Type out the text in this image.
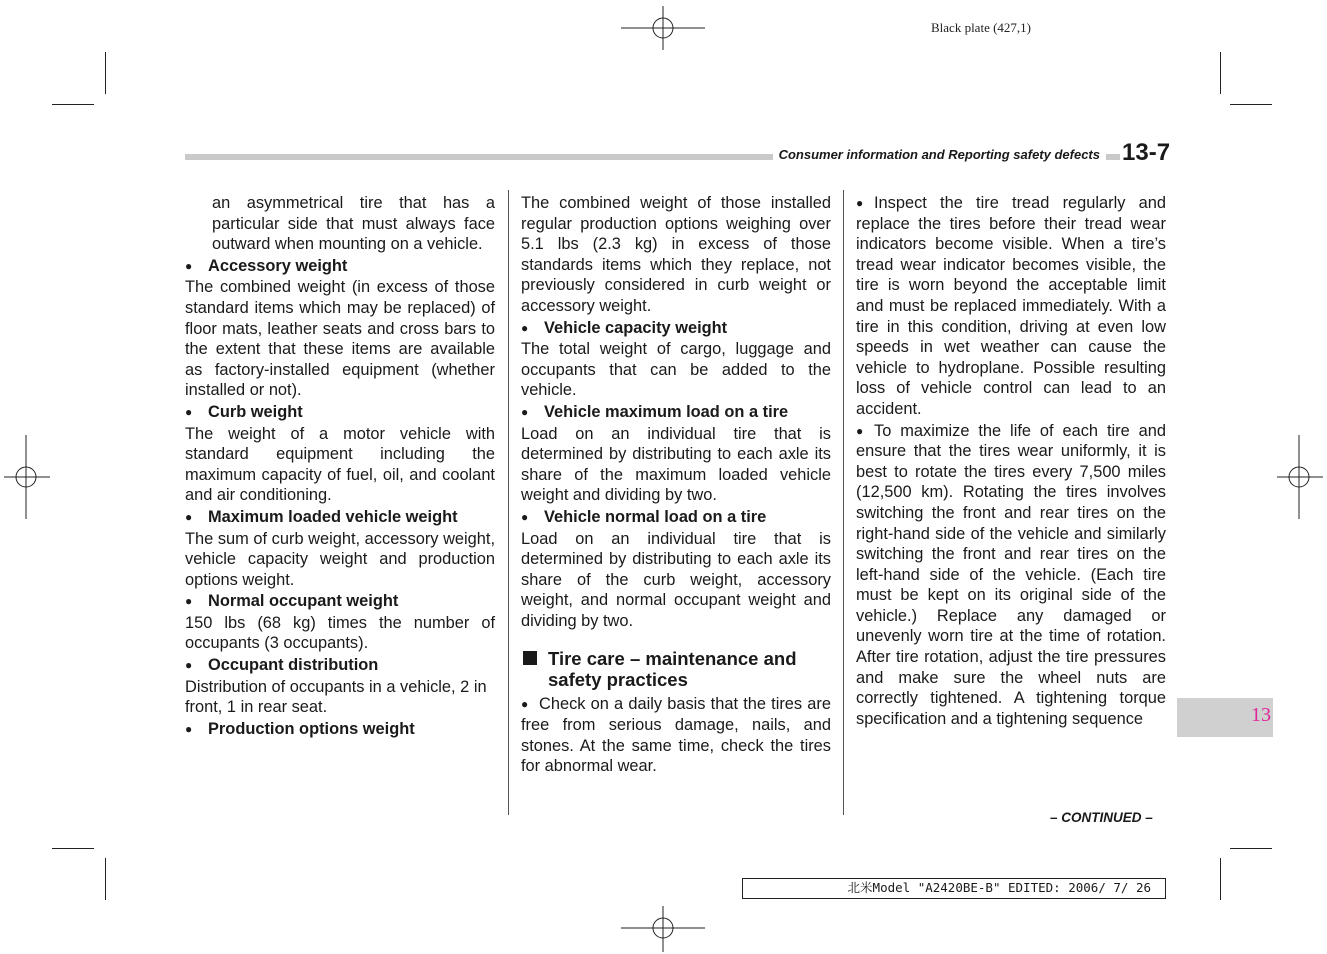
Black plate (427,1)
Consumer information and Reporting safety defects 13-7

an asymmetrical tire that has a particular side that must always face outward when mounting on a vehicle.

● Accessory weight

The combined weight (in excess of those standard items which may be replaced) of floor mats, leather seats and cross bars to the extent that these items are available as factory-installed equipment (whether installed or not).

● Curb weight

The weight of a motor vehicle with standard equipment including the maximum capacity of fuel, oil, and coolant and air conditioning.

● Maximum loaded vehicle weight

The sum of curb weight, accessory weight, vehicle capacity weight and production options weight.

● Normal occupant weight

150 lbs (68 kg) times the number of occupants (3 occupants).

● Occupant distribution

Distribution of occupants in a vehicle, 2 in front, 1 in rear seat.

● Production options weight

The combined weight of those installed regular production options weighing over 5.1 lbs (2.3 kg) in excess of those standards items which they replace, not previously considered in curb weight or accessory weight.

● Vehicle capacity weight

The total weight of cargo, luggage and occupants that can be added to the vehicle.

● Vehicle maximum load on a tire

Load on an individual tire that is determined by distributing to each axle its share of the maximum loaded vehicle weight and dividing by two.

● Vehicle normal load on a tire

Load on an individual tire that is determined by distributing to each axle its share of the curb weight, accessory weight, and normal occupant weight and dividing by two.

Tire care – maintenance and safety practices

● Check on a daily basis that the tires are free from serious damage, nails, and stones. At the same time, check the tires for abnormal wear.

● Inspect the tire tread regularly and replace the tires before their tread wear indicators become visible. When a tire’s tread wear indicator becomes visible, the tire is worn beyond the acceptable limit and must be replaced immediately. With a tire in this condition, driving at even low speeds in wet weather can cause the vehicle to hydroplane. Possible resulting loss of vehicle control can lead to an accident.

● To maximize the life of each tire and ensure that the tires wear uniformly, it is best to rotate the tires every 7,500 miles (12,500 km). Rotating the tires involves switching the front and rear tires on the right-hand side of the vehicle and similarly switching the front and rear tires on the left-hand side of the vehicle. (Each tire must be kept on its original side of the vehicle.) Replace any damaged or unevenly worn tire at the time of rotation. After tire rotation, adjust the tire pressures and make sure the wheel nuts are correctly tightened. A tightening torque specification and a tightening sequence

– CONTINUED –
13
北米Model "A2420BE-B" EDITED: 2006/ 7/ 26
